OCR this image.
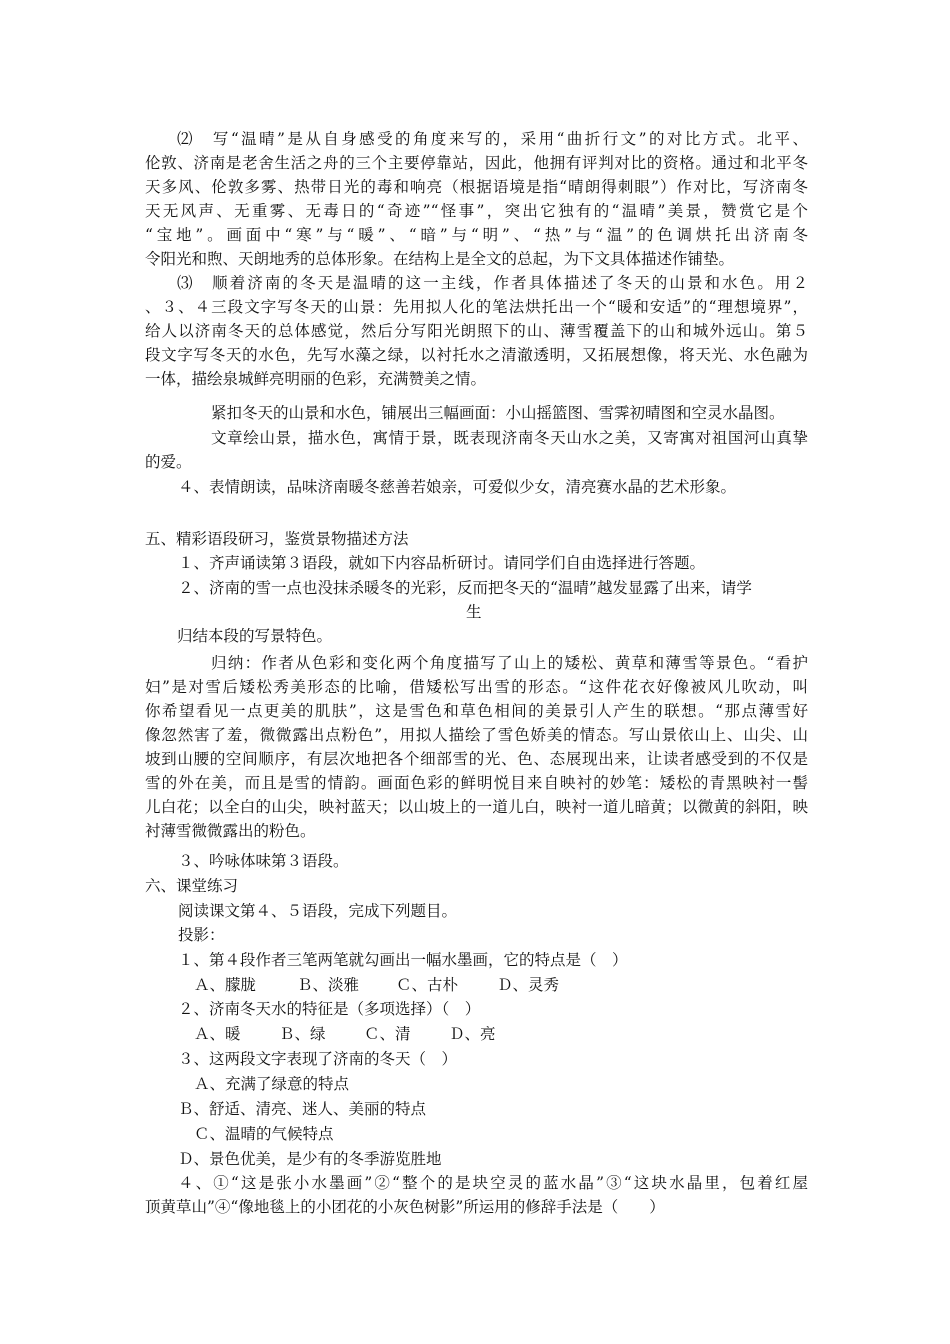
⑵　写“温晴”是从自身感受的角度来写的，采用“曲折行文”的对比方式。北平、
伦敦、济南是老舍生活之舟的三个主要停靠站，因此，他拥有评判对比的资格。通过和北平冬
天多风、伦敦多雾、热带日光的毒和响亮（根据语境是指“晴朗得刺眼”）作对比，写济南冬
天无风声、无重雾、无毒日的“奇迹”“怪事”，突出它独有的“温晴”美景，赞赏它是个
“宝地”。画面中“寒”与“暖”、“暗”与“明”、“热”与“温”的色调烘托出济南冬
令阳光和煦、天朗地秀的总体形象。在结构上是全文的总起，为下文具体描述作铺垫。
⑶　顺着济南的冬天是温晴的这一主线，作者具体描述了冬天的山景和水色。用２
、３、４三段文字写冬天的山景：先用拟人化的笔法烘托出一个“暖和安适”的“理想境界”，
给人以济南冬天的总体感觉，然后分写阳光朗照下的山、薄雪覆盖下的山和城外远山。第５
段文字写冬天的水色，先写水藻之绿，以衬托水之清澈透明，又拓展想像，将天光、水色融为
一体，描绘泉城鲜亮明丽的色彩，充满赞美之情。
紧扣冬天的山景和水色，铺展出三幅画面：小山摇篮图、雪霁初晴图和空灵水晶图。
文章绘山景，描水色，寓情于景，既表现济南冬天山水之美，又寄寓对祖国河山真挚
的爱。
４、表情朗读，品味济南暖冬慈善若娘亲，可爱似少女，清亮赛水晶的艺术形象。
五、精彩语段研习，鉴赏景物描述方法
１、齐声诵读第３语段，就如下内容品析研讨。请同学们自由选择进行答题。
２、济南的雪一点也没抹杀暖冬的光彩，反而把冬天的“温晴”越发显露了出来，请学
生
归结本段的写景特色。
归纳：作者从色彩和变化两个角度描写了山上的矮松、黄草和薄雪等景色。“看护
妇”是对雪后矮松秀美形态的比喻，借矮松写出雪的形态。“这件花衣好像被风儿吹动，叫
你希望看见一点更美的肌肤”，这是雪色和草色相间的美景引人产生的联想。“那点薄雪好
像忽然害了羞，微微露出点粉色”，用拟人描绘了雪色娇美的情态。写山景依山上、山尖、山
坡到山腰的空间顺序，有层次地把各个细部雪的光、色、态展现出来，让读者感受到的不仅是
雪的外在美，而且是雪的情韵。画面色彩的鲜明悦目来自映衬的妙笔：矮松的青黑映衬一髻
儿白花；以全白的山尖，映衬蓝天；以山坡上的一道儿白，映衬一道儿暗黄；以微黄的斜阳，映
衬薄雪微微露出的粉色。
３、吟咏体味第３语段。
六、课堂练习
阅读课文第４、５语段，完成下列题目。
投影：
１、第４段作者三笔两笔就勾画出一幅水墨画，它的特点是（　）
Ａ、朦胧	Ｂ、淡雅 Ｃ、古朴	Ｄ、灵秀
２、济南冬天水的特征是（多项选择）（　）
Ａ、暖 Ｂ、绿 Ｃ、清 Ｄ、亮
３、这两段文字表现了济南的冬天（　）
Ａ、充满了绿意的特点
Ｂ、舒适、清亮、迷人、美丽的特点
Ｃ、温晴的气候特点
Ｄ、景色优美，是少有的冬季游览胜地
４、①“这是张小水墨画”②“整个的是块空灵的蓝水晶”③“这块水晶里，包着红屋
顶黄草山”④“像地毯上的小团花的小灰色树影”所运用的修辞手法是（　　）
